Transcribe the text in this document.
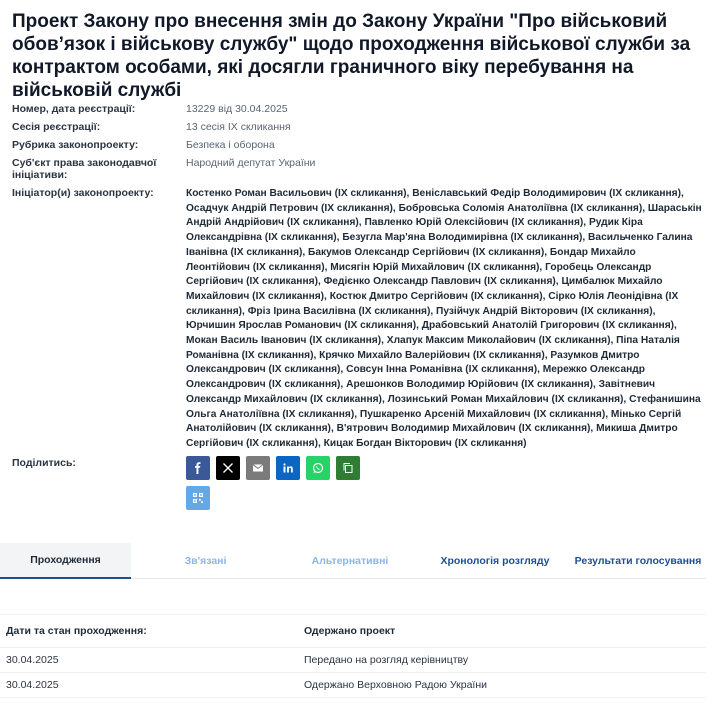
Проект Закону про внесення змін до Закону України "Про військовий обов’язок і військову службу" щодо проходження військової служби за контрактом особами, які досягли граничного віку перебування на військовій службі
Номер, дата реєстрації:	13229 від 30.04.2025
Сесія реєстрації:	13 сесія IX скликання
Рубрика законопроекту:	Безпека і оборона
Суб'єкт права законодавчої ініціативи:
Народний депутат України
Ініціатор(и) законопроекту:	Костенко Роман Васильович (IX скликання), Веніславський Федір Володимирович (IX скликання), Осадчук Андрій Петрович (IX скликання), Бобровська Соломія Анатоліївна (IX скликання), Шараськін Андрій Андрійович (IX скликання), Павленко Юрій Олексійович (IX скликання), Рудик Кіра Олександрівна (IX скликання), Безугла Мар'яна Володимирівна (IX скликання), Васильченко Галина Іванівна (IX скликання), Бакумов Олександр Сергійович (IX скликання), Бондар Михайло Леонтійович (IX скликання), Мисягін Юрій Михайлович (IX скликання), Горобець Олександр Сергійович (IX скликання), Федієнко Олександр Павлович (IX скликання), Цимбалюк Михайло Михайлович (IX скликання), Костюк Дмитро Сергійович (IX скликання), Сірко Юлія Леонідівна (IX скликання), Фріз Ірина Василівна (IX скликання), Пузійчук Андрій Вікторович (IX скликання), Юрчишин Ярослав Романович (IX скликання), Драбовський Анатолій Григорович (IX скликання), Мокан Василь Іванович (IX скликання), Хлапук Максим Миколайович (IX скликання), Піпа Наталія Романівна (IX скликання), Крячко Михайло Валерійович (IX скликання), Разумков Дмитро Олександрович (IX скликання), Совсун Інна Романівна (IX скликання), Мережко Олександр Олександрович (IX скликання), Арешонков Володимир Юрійович (IX скликання), Завітневич Олександр Михайлович (IX скликання), Лозинський Роман Михайлович (IX скликання), Стефанишина Ольга Анатоліївна (IX скликання), Пушкаренко Арсеній Михайлович (IX скликання), Мінько Сергій Анатолійович (IX скликання), В'ятрович Володимир Михайлович (IX скликання), Микиша Дмитро Сергійович (IX скликання), Кицак Богдан Вікторович (IX скликання)
Поділитись:
Проходження	Зв'язані	Альтернативні	Хронологія розгляду	Результати голосування
Дати та стан проходження:	Одержано проект
30.04.2025	Передано на розгляд керівництву
30.04.2025	Одержано Верховною Радою України
